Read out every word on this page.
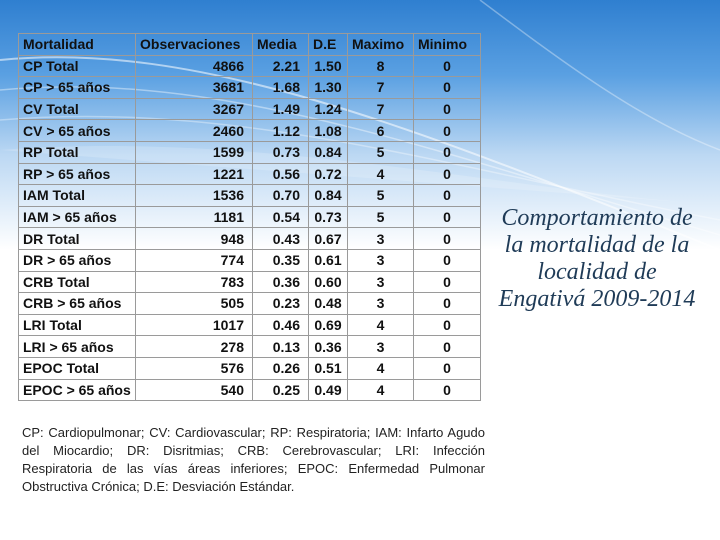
Mortalidad	Observaciones	Media	D.E	Maximo	Minimo
CP Total	4866	2.21	1.50	8	0
CP > 65 años	3681	1.68	1.30	7	0
CV Total	3267	1.49	1.24	7	0
CV > 65 años	2460	1.12	1.08	6	0
RP Total	1599	0.73	0.84	5	0
RP > 65 años	1221	0.56	0.72	4	0
IAM Total	1536	0.70	0.84	5	0
IAM > 65 años	1181	0.54	0.73	5	0
DR Total	948	0.43	0.67	3	0
DR > 65 años	774	0.35	0.61	3	0
CRB Total	783	0.36	0.60	3	0
CRB > 65 años	505	0.23	0.48	3	0
LRI Total	1017	0.46	0.69	4	0
LRI > 65 años	278	0.13	0.36	3	0
EPOC Total	576	0.26	0.51	4	0
EPOC > 65 años	540	0.25	0.49	4	0
Comportamiento de la mortalidad de la localidad de Engativá 2009-2014
CP: Cardiopulmonar; CV: Cardiovascular; RP: Respiratoria; IAM: Infarto Agudo del Miocardio; DR: Disritmias; CRB: Cerebrovascular; LRI: Infección Respiratoria de las vías áreas inferiores; EPOC: Enfermedad Pulmonar Obstructiva Crónica; D.E: Desviación Estándar.
